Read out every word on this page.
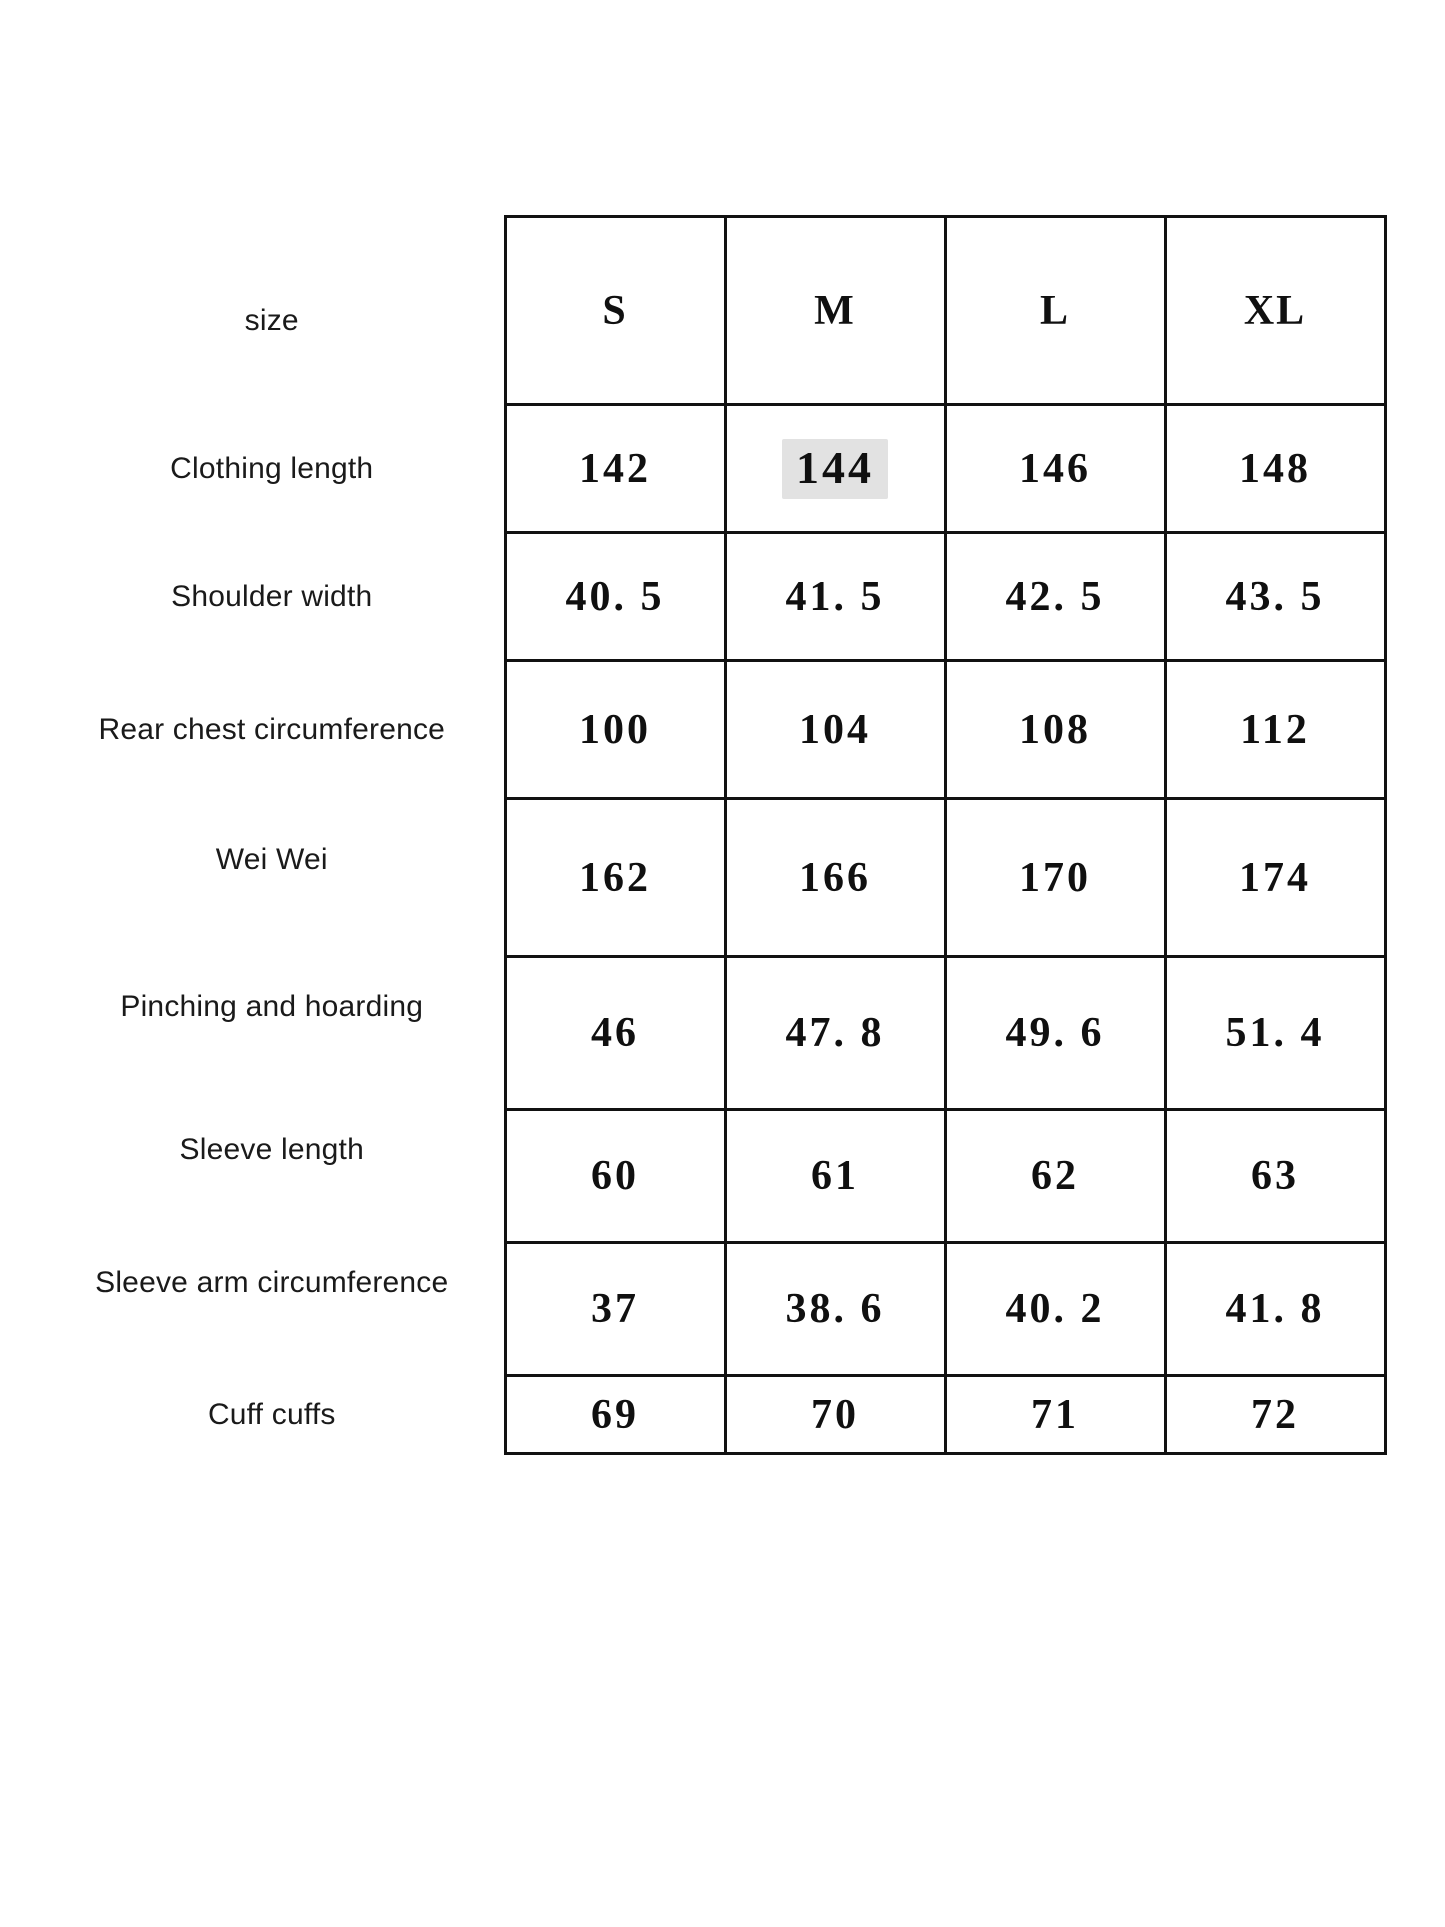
size	S	M	L	XL
Clothing length	142	144	146	148
Shoulder width	40. 5	41. 5	42. 5	43. 5
Rear chest circumference	100	104	108	112
Wei Wei	162	166	170	174
Pinching and hoarding	46	47. 8	49. 6	51. 4
Sleeve length	60	61	62	63
Sleeve arm circumference	37	38. 6	40. 2	41. 8
Cuff cuffs	69	70	71	72
